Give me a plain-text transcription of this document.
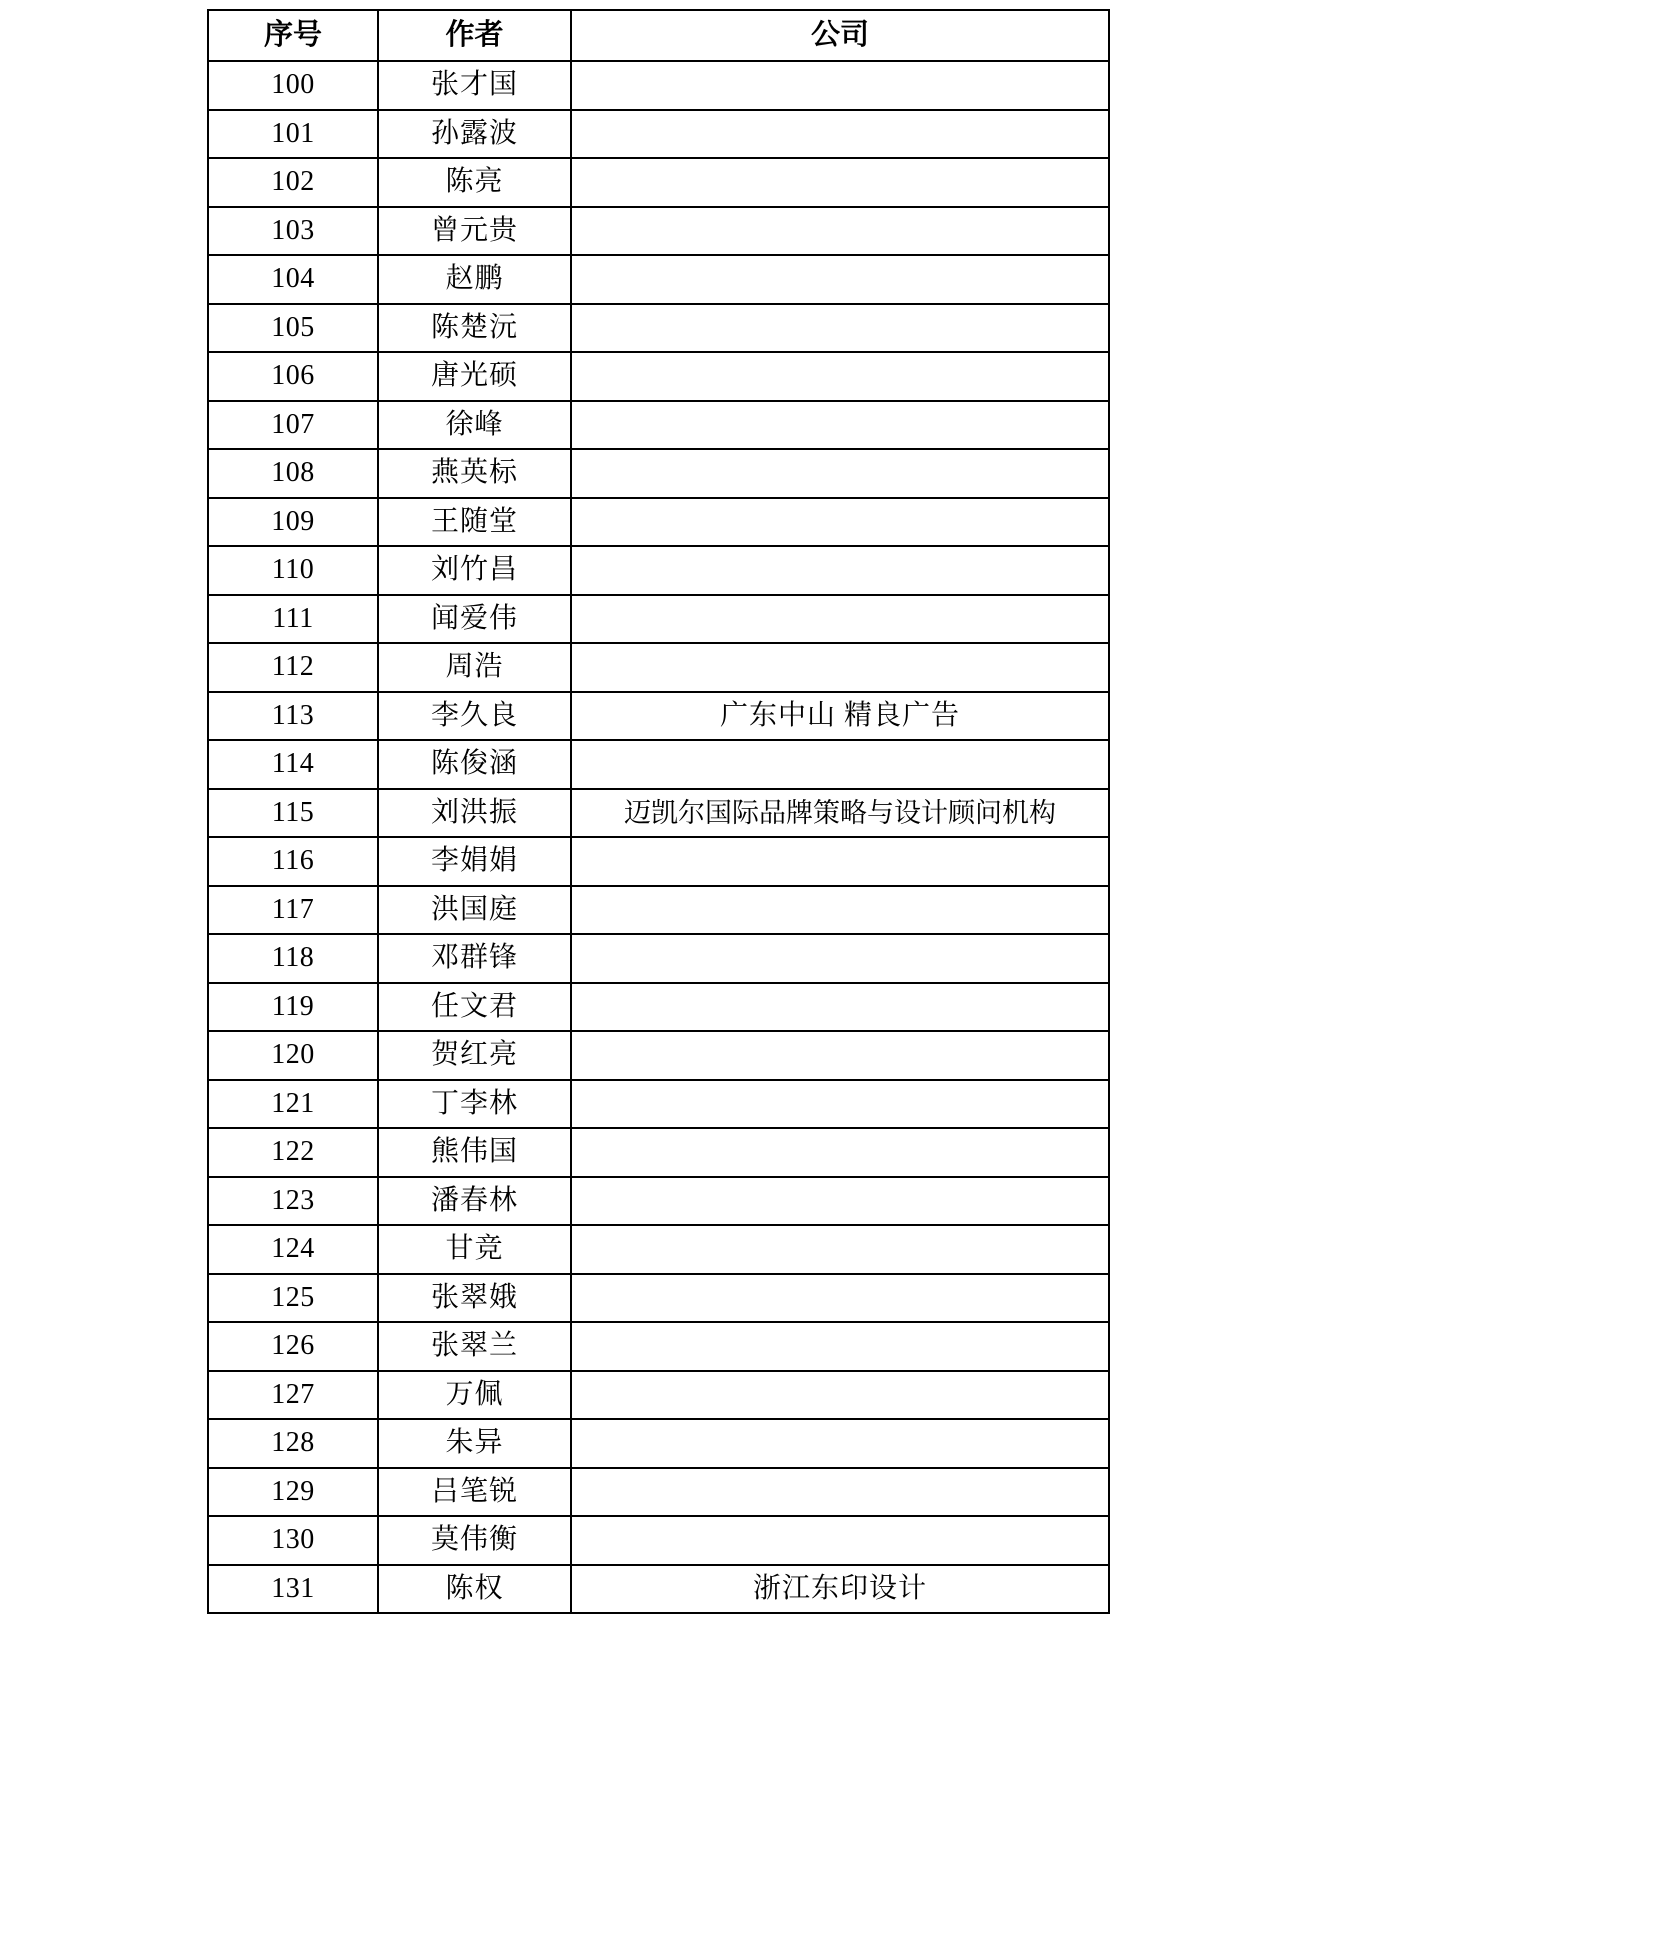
序号	作者	公司
100	张才国	
101	孙露波	
102	陈亮	
103	曾元贵	
104	赵鹏	
105	陈楚沅	
106	唐光硕	
107	徐峰	
108	燕英标	
109	王随堂	
110	刘竹昌	
111	闻爱伟	
112	周浩	
113	李久良	广东中山 精良广告
114	陈俊涵	
115	刘洪振	迈凯尔国际品牌策略与设计顾问机构
116	李娟娟	
117	洪国庭	
118	邓群锋	
119	任文君	
120	贺红亮	
121	丁李林	
122	熊伟国	
123	潘春林	
124	甘竞	
125	张翠娥	
126	张翠兰	
127	万佩	
128	朱异	
129	吕笔锐	
130	莫伟衡	
131	陈权	浙江东印设计
